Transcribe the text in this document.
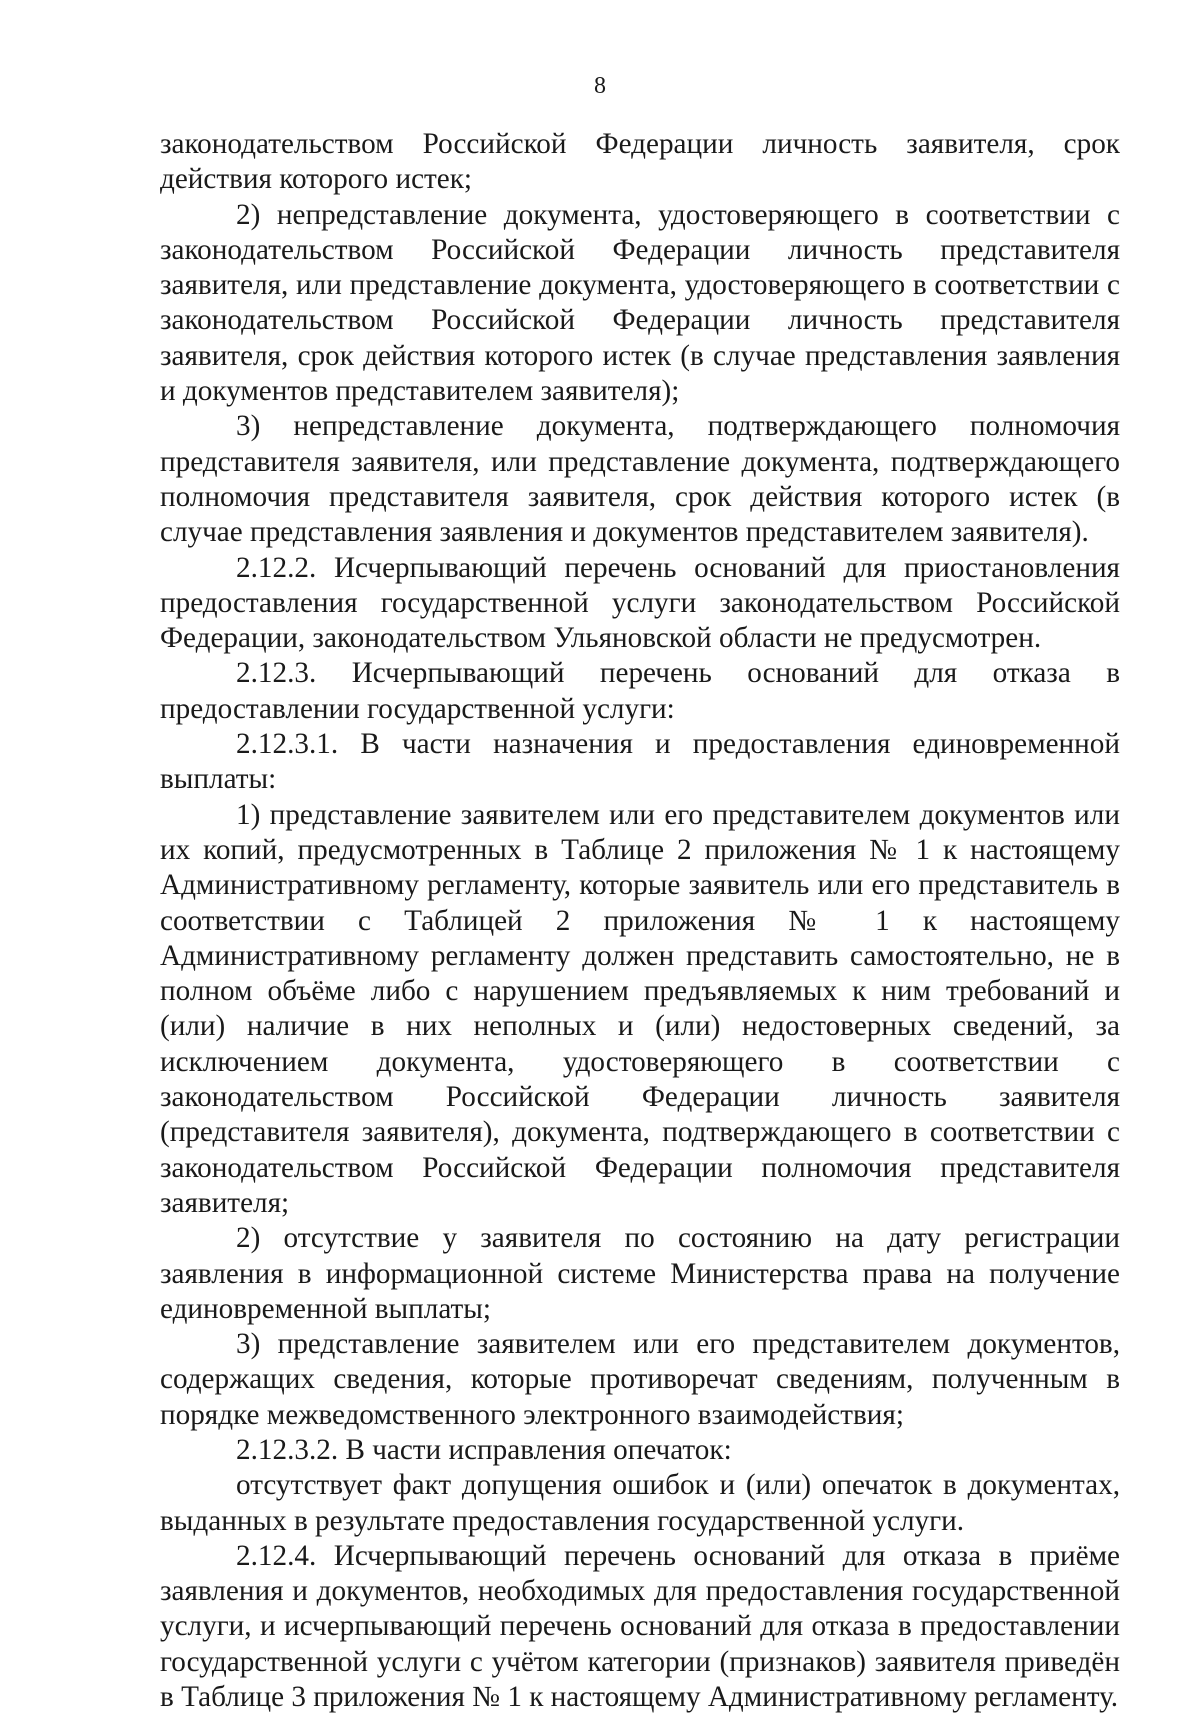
8

законодательством Российской Федерации личность заявителя, срок действия которого истек;

2) непредставление документа, удостоверяющего в соответствии с законодательством Российской Федерации личность представителя заявителя, или представление документа, удостоверяющего в соответствии с законодательством Российской Федерации личность представителя заявителя, срок действия которого истек (в случае представления заявления и документов представителем заявителя);

3) непредставление документа, подтверждающего полномочия представителя заявителя, или представление документа, подтверждающего полномочия представителя заявителя, срок действия которого истек (в случае представления заявления и документов представителем заявителя).

2.12.2. Исчерпывающий перечень оснований для приостановления предоставления государственной услуги законодательством Российской Федерации, законодательством Ульяновской области не предусмотрен.

2.12.3. Исчерпывающий перечень оснований для отказа в предоставлении государственной услуги:

2.12.3.1. В части назначения и предоставления единовременной выплаты:

1) представление заявителем или его представителем документов или их копий, предусмотренных в Таблице 2 приложения № 1 к настоящему Административному регламенту, которые заявитель или его представитель в соответствии с Таблицей 2 приложения № 1 к настоящему Административному регламенту должен представить самостоятельно, не в полном объёме либо с нарушением предъявляемых к ним требований и (или) наличие в них неполных и (или) недостоверных сведений, за исключением документа, удостоверяющего в соответствии с законодательством Российской Федерации личность заявителя (представителя заявителя), документа, подтверждающего в соответствии с законодательством Российской Федерации полномочия представителя заявителя;

2) отсутствие у заявителя по состоянию на дату регистрации заявления в информационной системе Министерства права на получение единовременной выплаты;

3) представление заявителем или его представителем документов, содержащих сведения, которые противоречат сведениям, полученным в порядке межведомственного электронного взаимодействия;

2.12.3.2. В части исправления опечаток:

отсутствует факт допущения ошибок и (или) опечаток в документах, выданных в результате предоставления государственной услуги.

2.12.4. Исчерпывающий перечень оснований для отказа в приёме заявления и документов, необходимых для предоставления государственной услуги, и исчерпывающий перечень оснований для отказа в предоставлении государственной услуги с учётом категории (признаков) заявителя приведён в Таблице 3 приложения № 1 к настоящему Административному регламенту.
